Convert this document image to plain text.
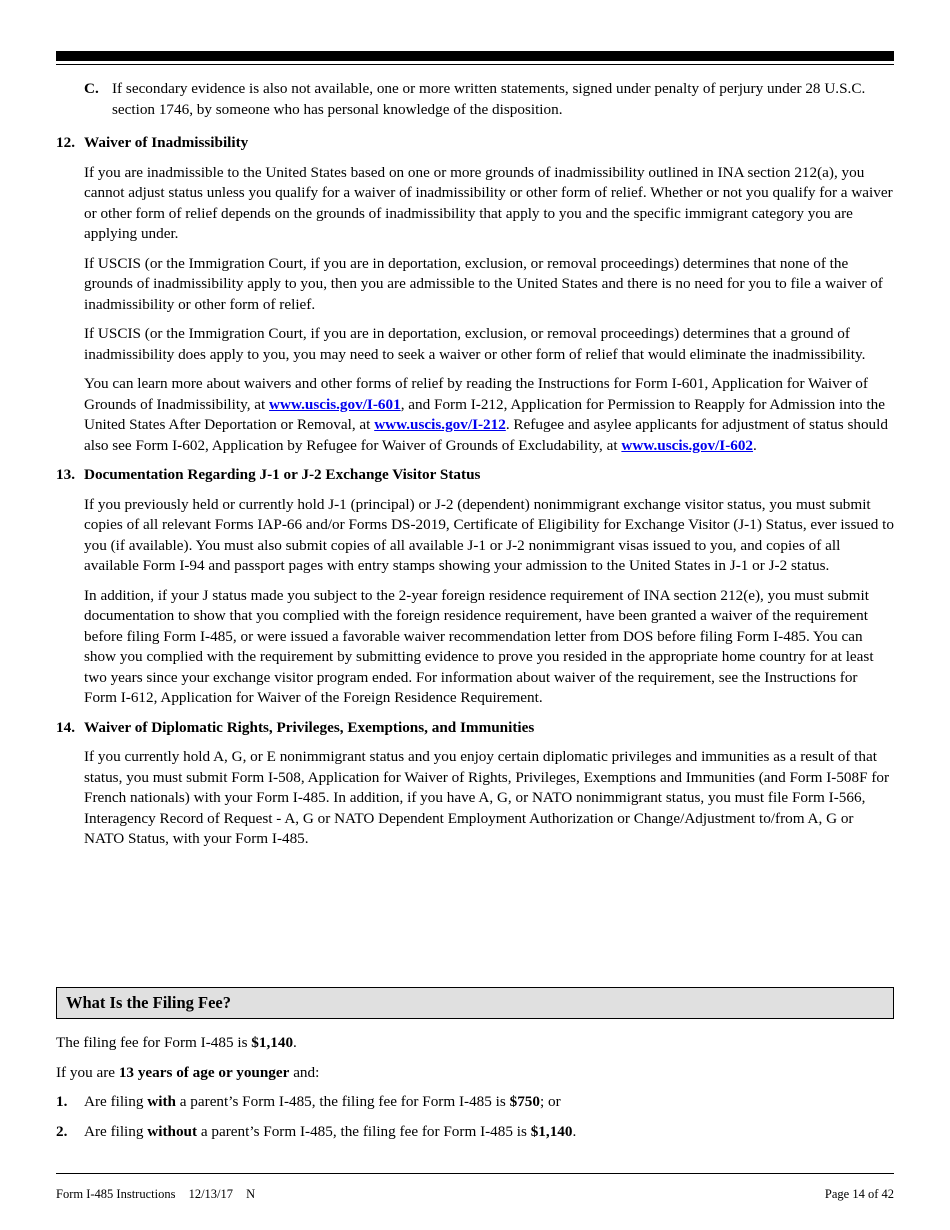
C. If secondary evidence is also not available, one or more written statements, signed under penalty of perjury under 28 U.S.C. section 1746, by someone who has personal knowledge of the disposition.
12. Waiver of Inadmissibility

If you are inadmissible to the United States based on one or more grounds of inadmissibility outlined in INA section 212(a), you cannot adjust status unless you qualify for a waiver of inadmissibility or other form of relief. Whether or not you qualify for a waiver or other form of relief depends on the grounds of inadmissibility that apply to you and the specific immigrant category you are applying under.

If USCIS (or the Immigration Court, if you are in deportation, exclusion, or removal proceedings) determines that none of the grounds of inadmissibility apply to you, then you are admissible to the United States and there is no need for you to file a waiver of inadmissibility or other form of relief.

If USCIS (or the Immigration Court, if you are in deportation, exclusion, or removal proceedings) determines that a ground of inadmissibility does apply to you, you may need to seek a waiver or other form of relief that would eliminate the inadmissibility.

You can learn more about waivers and other forms of relief by reading the Instructions for Form I-601, Application for Waiver of Grounds of Inadmissibility, at www.uscis.gov/I-601, and Form I-212, Application for Permission to Reapply for Admission into the United States After Deportation or Removal, at www.uscis.gov/I-212. Refugee and asylee applicants for adjustment of status should also see Form I-602, Application by Refugee for Waiver of Grounds of Excludability, at www.uscis.gov/I-602.

13. Documentation Regarding J-1 or J-2 Exchange Visitor Status

If you previously held or currently hold J-1 (principal) or J-2 (dependent) nonimmigrant exchange visitor status, you must submit copies of all relevant Forms IAP-66 and/or Forms DS-2019, Certificate of Eligibility for Exchange Visitor (J-1) Status, ever issued to you (if available). You must also submit copies of all available J-1 or J-2 nonimmigrant visas issued to you, and copies of all available Form I-94 and passport pages with entry stamps showing your admission to the United States in J-1 or J-2 status.

In addition, if your J status made you subject to the 2-year foreign residence requirement of INA section 212(e), you must submit documentation to show that you complied with the foreign residence requirement, have been granted a waiver of the requirement before filing Form I-485, or were issued a favorable waiver recommendation letter from DOS before filing Form I-485. You can show you complied with the requirement by submitting evidence to prove you resided in the appropriate home country for at least two years since your exchange visitor program ended. For information about waiver of the requirement, see the Instructions for Form I-612, Application for Waiver of the Foreign Residence Requirement.

14. Waiver of Diplomatic Rights, Privileges, Exemptions, and Immunities

If you currently hold A, G, or E nonimmigrant status and you enjoy certain diplomatic privileges and immunities as a result of that status, you must submit Form I-508, Application for Waiver of Rights, Privileges, Exemptions and Immunities (and Form I-508F for French nationals) with your Form I-485. In addition, if you have A, G, or NATO nonimmigrant status, you must file Form I-566, Interagency Record of Request - A, G or NATO Dependent Employment Authorization or Change/Adjustment to/from A, G or NATO Status, with your Form I-485.

What Is the Filing Fee?

The filing fee for Form I-485 is $1,140.

If you are 13 years of age or younger and:

1.	Are filing with a parent’s Form I-485, the filing fee for Form I-485 is $750; or
2.	Are filing without a parent’s Form I-485, the filing fee for Form I-485 is $1,140.
Form I-485 Instructions 12/13/17 N	Page 14 of 42
